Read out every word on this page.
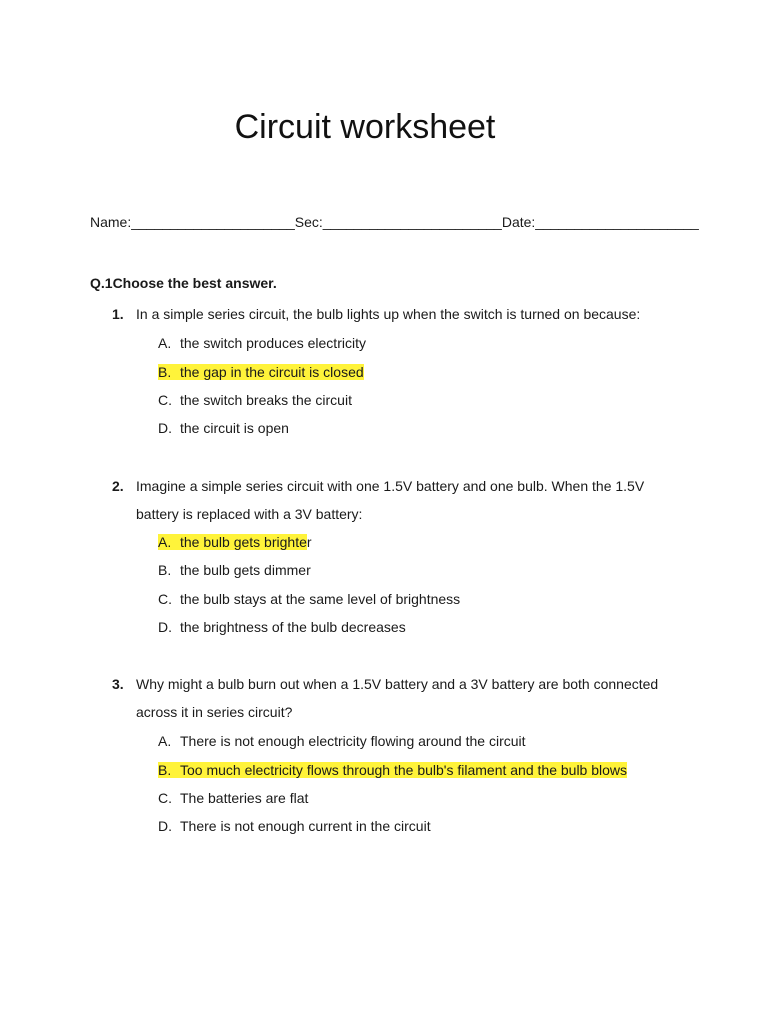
Circuit worksheet
Name:_____________________Sec:_______________________Date:_____________________
Q.1Choose the best answer.
1. In a simple series circuit, the bulb lights up when the switch is turned on because:
A. the switch produces electricity
B. the gap in the circuit is closed
C. the switch breaks the circuit
D. the circuit is open
2. Imagine a simple series circuit with one 1.5V battery and one bulb. When the 1.5V battery is replaced with a 3V battery:
A. the bulb gets brighter
B. the bulb gets dimmer
C. the bulb stays at the same level of brightness
D. the brightness of the bulb decreases
3. Why might a bulb burn out when a 1.5V battery and a 3V battery are both connected across it in series circuit?
A. There is not enough electricity flowing around the circuit
B. Too much electricity flows through the bulb's filament and the bulb blows
C. The batteries are flat
D. There is not enough current in the circuit
